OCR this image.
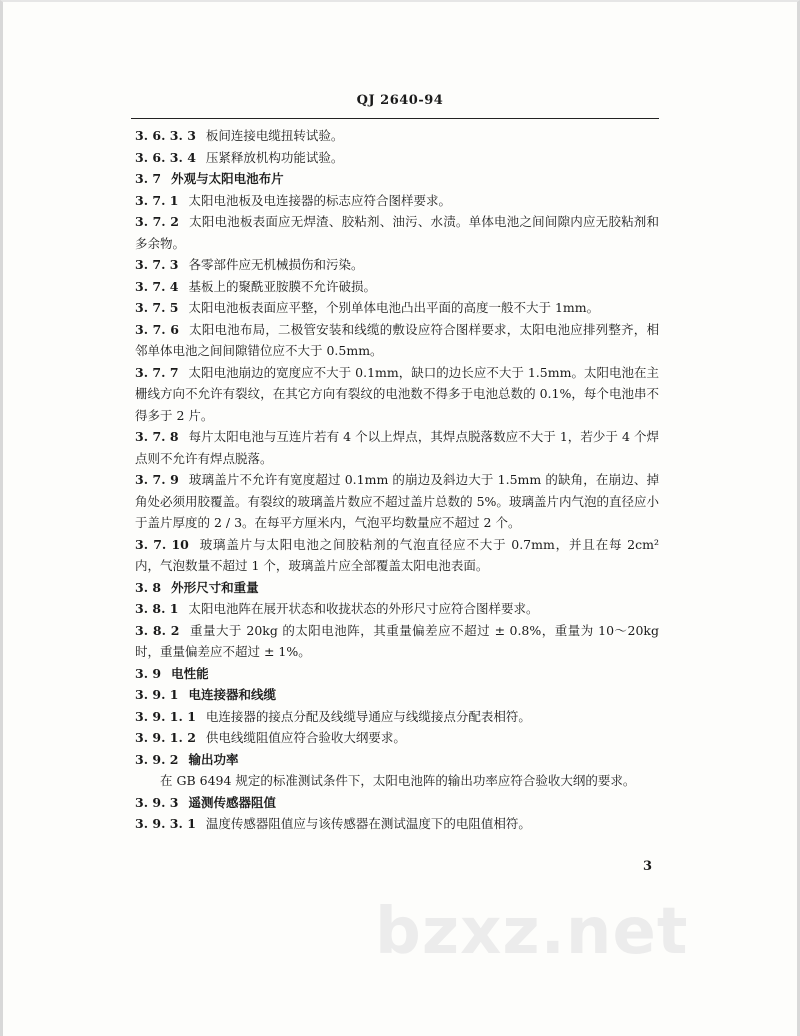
QJ 2640-94
3. 6. 3. 3 板间连接电缆扭转试验。
3. 6. 3. 4 压紧释放机构功能试验。
3. 7 外观与太阳电池布片
3. 7. 1 太阳电池板及电连接器的标志应符合图样要求。
3. 7. 2 太阳电池板表面应无焊渣、胶粘剂、油污、水渍。单体电池之间间隙内应无胶粘剂和多余物。
3. 7. 3 各零部件应无机械损伤和污染。
3. 7. 4 基板上的聚酰亚胺膜不允许破损。
3. 7. 5 太阳电池板表面应平整，个别单体电池凸出平面的高度一般不大于 1mm。
3. 7. 6 太阳电池布局，二极管安装和线缆的敷设应符合图样要求，太阳电池应排列整齐，相邻单体电池之间间隙错位应不大于 0.5mm。
3. 7. 7 太阳电池崩边的宽度应不大于 0.1mm，缺口的边长应不大于 1.5mm。太阳电池在主栅线方向不允许有裂纹，在其它方向有裂纹的电池数不得多于电池总数的 0.1%，每个电池串不得多于 2 片。
3. 7. 8 每片太阳电池与互连片若有 4 个以上焊点，其焊点脱落数应不大于 1，若少于 4 个焊点则不允许有焊点脱落。
3. 7. 9 玻璃盖片不允许有宽度超过 0.1mm 的崩边及斜边大于 1.5mm 的缺角，在崩边、掉角处必须用胶覆盖。有裂纹的玻璃盖片数应不超过盖片总数的 5%。玻璃盖片内气泡的直径应小于盖片厚度的 2 / 3。在每平方厘米内，气泡平均数量应不超过 2 个。
3. 7. 10 玻璃盖片与太阳电池之间胶粘剂的气泡直径应不大于 0.7mm，并且在每 2cm² 内，气泡数量不超过 1 个，玻璃盖片应全部覆盖太阳电池表面。
3. 8 外形尺寸和重量
3. 8. 1 太阳电池阵在展开状态和收拢状态的外形尺寸应符合图样要求。
3. 8. 2 重量大于 20kg 的太阳电池阵，其重量偏差应不超过 ± 0.8%，重量为 10～20kg 时，重量偏差应不超过 ± 1%。
3. 9 电性能
3. 9. 1 电连接器和线缆
3. 9. 1. 1 电连接器的接点分配及线缆导通应与线缆接点分配表相符。
3. 9. 1. 2 供电线缆阻值应符合验收大纲要求。
3. 9. 2 输出功率
在 GB 6494 规定的标准测试条件下，太阳电池阵的输出功率应符合验收大纲的要求。
3. 9. 3 遥测传感器阻值
3. 9. 3. 1 温度传感器阻值应与该传感器在测试温度下的电阻值相符。
3
bzxz.net
